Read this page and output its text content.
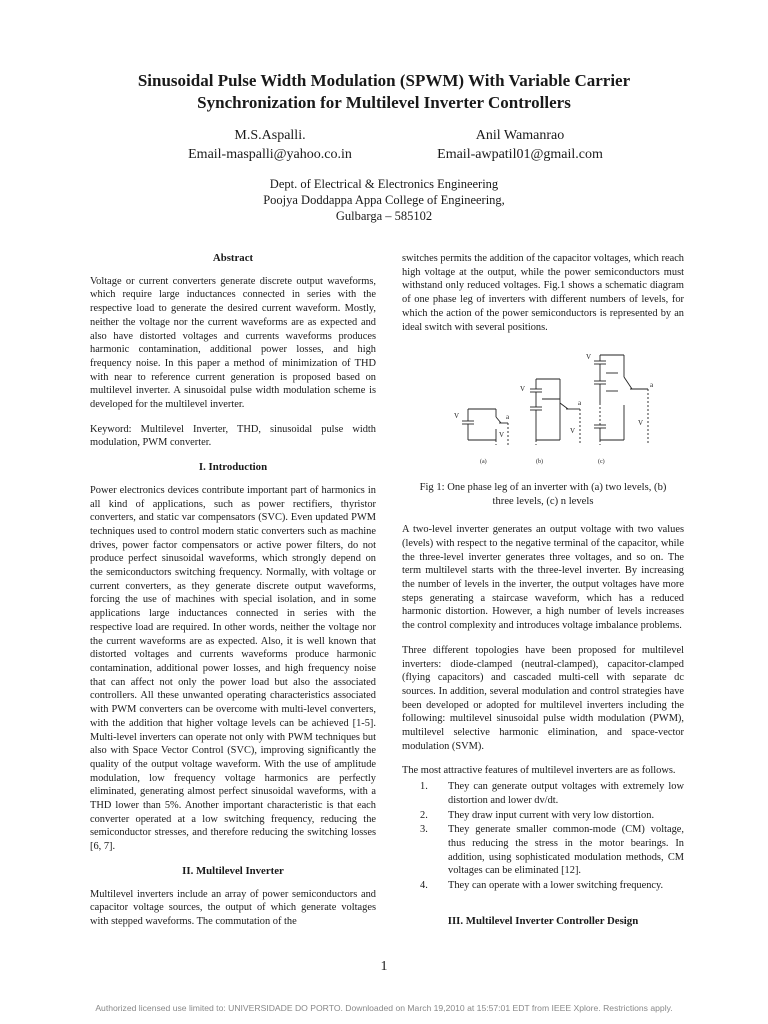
Sinusoidal Pulse Width Modulation (SPWM) With Variable Carrier
Synchronization for Multilevel Inverter Controllers
M.S.Aspalli.
Email-maspalli@yahoo.co.in
Anil Wamanrao
Email-awpatil01@gmail.com
Dept. of Electrical & Electronics Engineering
Poojya Doddappa Appa College of Engineering,
Gulbarga – 585102
Abstract

Voltage or current converters generate discrete output waveforms, which require large inductances connected in series with the respective load to generate the desired current waveform. Mostly, neither the voltage nor the current waveforms are as expected and also have distorted voltages and currents waveforms produces harmonic contamination, additional power losses, and high frequency noise. In this paper a method of minimization of THD with near to reference current generation is proposed based on multilevel inverter. A sinusoidal pulse width modulation scheme is developed for the multilevel inverter.

Keyword: Multilevel Inverter, THD, sinusoidal pulse width modulation, PWM converter.

I. Introduction

Power electronics devices contribute important part of harmonics in all kind of applications, such as power rectifiers, thyristor converters, and static var compensators (SVC). Even updated PWM techniques used to control modern static converters such as machine drives, power factor compensators or active power filters, do not produce perfect sinusoidal waveforms, which strongly depend on the semiconductors switching frequency. Normally, with voltage or current converters, as they generate discrete output waveforms, forcing the use of machines with special isolation, and in some applications large inductances connected in series with the respective load are required. In other words, neither the voltage nor the current waveforms are as expected. Also, it is well known that distorted voltages and currents waveforms produce harmonic contamination, additional power losses, and high frequency noise that can affect not only the power load but also the associated controllers. All these unwanted operating characteristics associated with PWM converters can be overcome with multi-level converters, with the addition that higher voltage levels can be achieved [1-5]. Multi-level inverters can operate not only with PWM techniques but also with Space Vector Control (SVC), improving significantly the quality of the output voltage waveform. With the use of amplitude modulation, low frequency voltage harmonics are perfectly eliminated, generating almost perfect sinusoidal waveforms, with a THD lower than 5%. Another important characteristic is that each converter operated at a low switching frequency, reducing the semiconductor stresses, and therefore reducing the switching losses [6, 7].

II. Multilevel Inverter

Multilevel inverters include an array of power semiconductors and capacitor voltage sources, the output of which generate voltages with stepped waveforms. The commutation of the

switches permits the addition of the capacitor voltages, which reach high voltage at the output, while the power semiconductors must withstand only reduced voltages. Fig.1 shows a schematic diagram of one phase leg of inverters with different numbers of levels, for which the action of the power semiconductors is represented by an ideal switch with several positions.

V	a
V
V
a
V
V
a
V
(a)	(b)	(c)
Fig 1: One phase leg of an inverter with (a) two levels, (b)
three levels, (c) n levels

A two-level inverter generates an output voltage with two values (levels) with respect to the negative terminal of the capacitor, while the three-level inverter generates three voltages, and so on. The term multilevel starts with the three-level inverter. By increasing the number of levels in the inverter, the output voltages have more steps generating a staircase waveform, which has a reduced harmonic distortion. However, a high number of levels increases the control complexity and introduces voltage imbalance problems.

Three different topologies have been proposed for multilevel inverters: diode-clamped (neutral-clamped), capacitor-clamped (flying capacitors) and cascaded multi-cell with separate dc sources. In addition, several modulation and control strategies have been developed or adopted for multilevel inverters including the following: multilevel sinusoidal pulse width modulation (PWM), multilevel selective harmonic elimination, and space-vector modulation (SVM).

The most attractive features of multilevel inverters are as follows.

1.	They can generate output voltages with extremely low distortion and lower dv/dt.
2.	They draw input current with very low distortion.
3.	They generate smaller common-mode (CM) voltage, thus reducing the stress in the motor bearings. In addition, using sophisticated modulation methods, CM voltages can be eliminated [12].
4.	They can operate with a lower switching frequency.
III. Multilevel Inverter Controller Design
1
Authorized licensed use limited to: UNIVERSIDADE DO PORTO. Downloaded on March 19,2010 at 15:57:01 EDT from IEEE Xplore. Restrictions apply.
